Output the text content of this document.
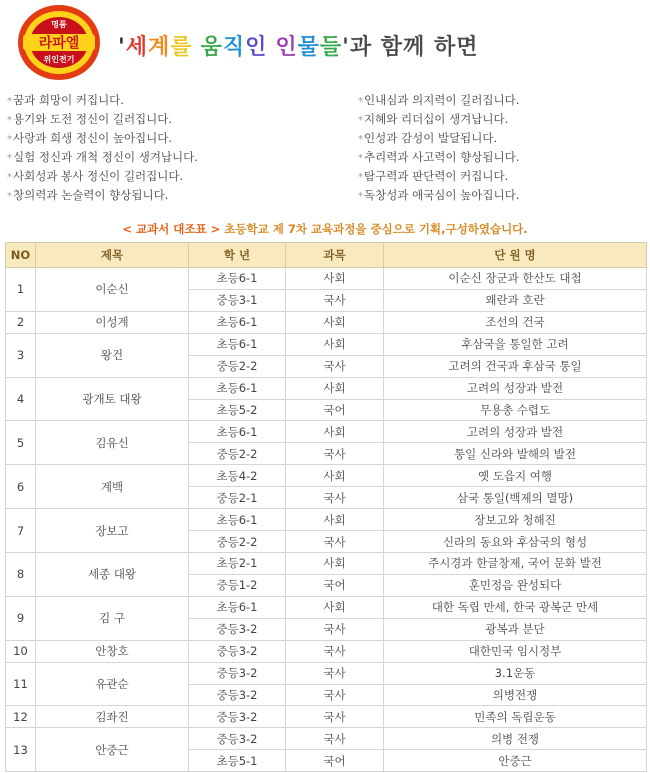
명품
라파엘
위인전기 '세계를 움직인 인물들'과 함께 하면
*꿈과 희망이 커집니다.
*용기와 도전 정신이 길러집니다.
*사랑과 희생 정신이 높아집니다.
*실험 정신과 개척 정신이 생겨납니다.
*사회성과 봉사 정신이 길러집니다.
*창의력과 논술력이 향상됩니다.
*인내심과 의지력이 길러집니다.
*지혜와 리더십이 생겨납니다.
*인성과 감성이 발달됩니다.
*추리력과 사고력이 향상됩니다.
*탐구력과 판단력이 커집니다.
*독창성과 애국심이 높아집니다.
< 교과서 대조표 > 초등학교 제 7차 교육과정을 중심으로 기획,구성하였습니다.
NO	제목	학 년	과목	단 원 명
1	이순신	초등6-1	사회	이순신 장군과 한산도 대첩
		중등3-1	국사	왜란과 호란
2	이성계	초등6-1	사회	조선의 건국
3	왕건	초등6-1	사회	후삼국을 통일한 고려
		중등2-2	국사	고려의 건국과 후삼국 통일
4	광개토 대왕	초등6-1	사회	고려의 성장과 발전
		초등5-2	국어	무용총 수렵도
5	김유신	초등6-1	사회	고려의 성장과 발전
		중등2-2	국사	통일 신라와 발해의 발전
6	계백	초등4-2	사회	옛 도읍지 여행
		중등2-1	국사	삼국 통일(백제의 멸망)
7	장보고	초등6-1	사회	장보고와 청해진
		중등2-2	국사	신라의 동요와 후삼국의 형성
8	세종 대왕	초등2-1	사회	주시경과 한글창제, 국어 문화 발전
		중등1-2	국어	훈민정음 완성되다
9	김 구	초등6-1	사회	대한 독립 만세, 한국 광복군 만세
		중등3-2	국사	광복과 분단
10	안창호	중등3-2	국사	대한민국 임시정부
11	유관순	중등3-2	국사	3.1운동
		중등3-2	국사	의병전쟁
12	김좌진	중등3-2	국사	민족의 독립운동
13	안중근	중등3-2	국사	의병 전쟁
		초등5-1	국어	안중근
